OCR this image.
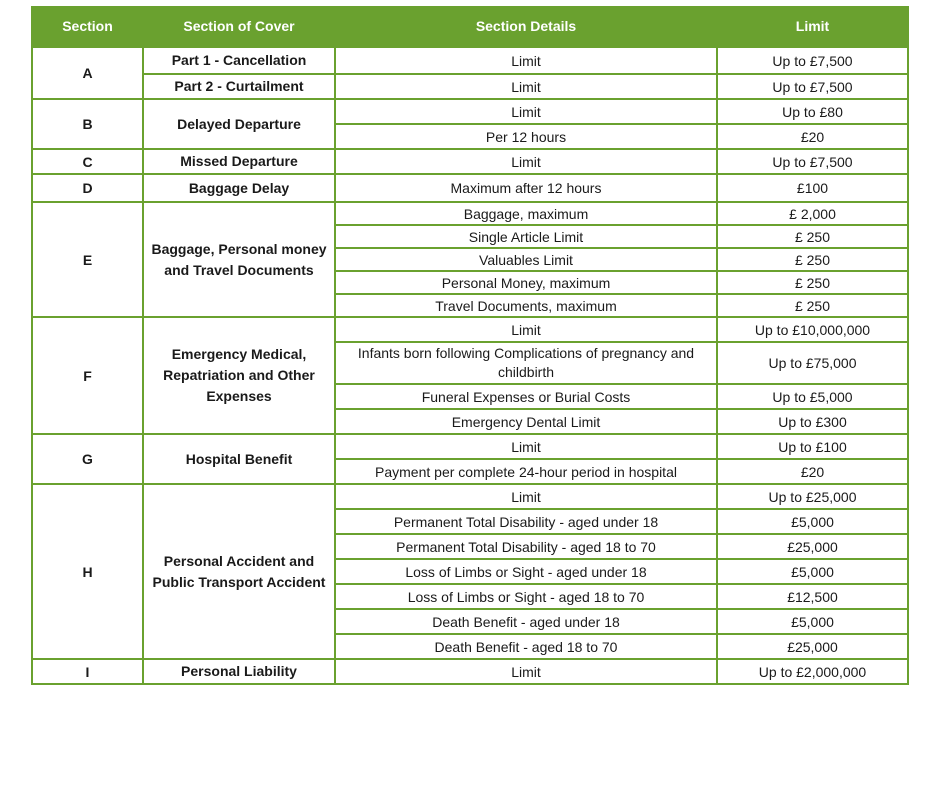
Section	Section of Cover	Section Details	Limit
A	Part 1 - Cancellation	Limit	Up to £7,500
	Part 2 - Curtailment	Limit	Up to £7,500
B	Delayed Departure	Limit	Up to £80
		Per 12 hours	£20
C	Missed Departure	Limit	Up to £7,500
D	Baggage Delay	Maximum after 12 hours	£100
E	Baggage, Personal money and Travel Documents	Baggage, maximum	£ 2,000
		Single Article Limit	£ 250
		Valuables Limit	£ 250
		Personal Money, maximum	£ 250
		Travel Documents, maximum	£ 250
F	Emergency Medical, Repatriation and Other Expenses	Limit	Up to £10,000,000
		Infants born following Complications of pregnancy and childbirth	Up to £75,000
		Funeral Expenses or Burial Costs	Up to £5,000
		Emergency Dental Limit	Up to £300
G	Hospital Benefit	Limit	Up to £100
		Payment per complete 24-hour period in hospital	£20
H	Personal Accident and Public Transport Accident	Limit	Up to £25,000
		Permanent Total Disability - aged under 18	£5,000
		Permanent Total Disability - aged 18 to 70	£25,000
		Loss of Limbs or Sight - aged under 18	£5,000
		Loss of Limbs or Sight - aged 18 to 70	£12,500
		Death Benefit - aged under 18	£5,000
		Death Benefit - aged 18 to 70	£25,000
I	Personal Liability	Limit	Up to £2,000,000
